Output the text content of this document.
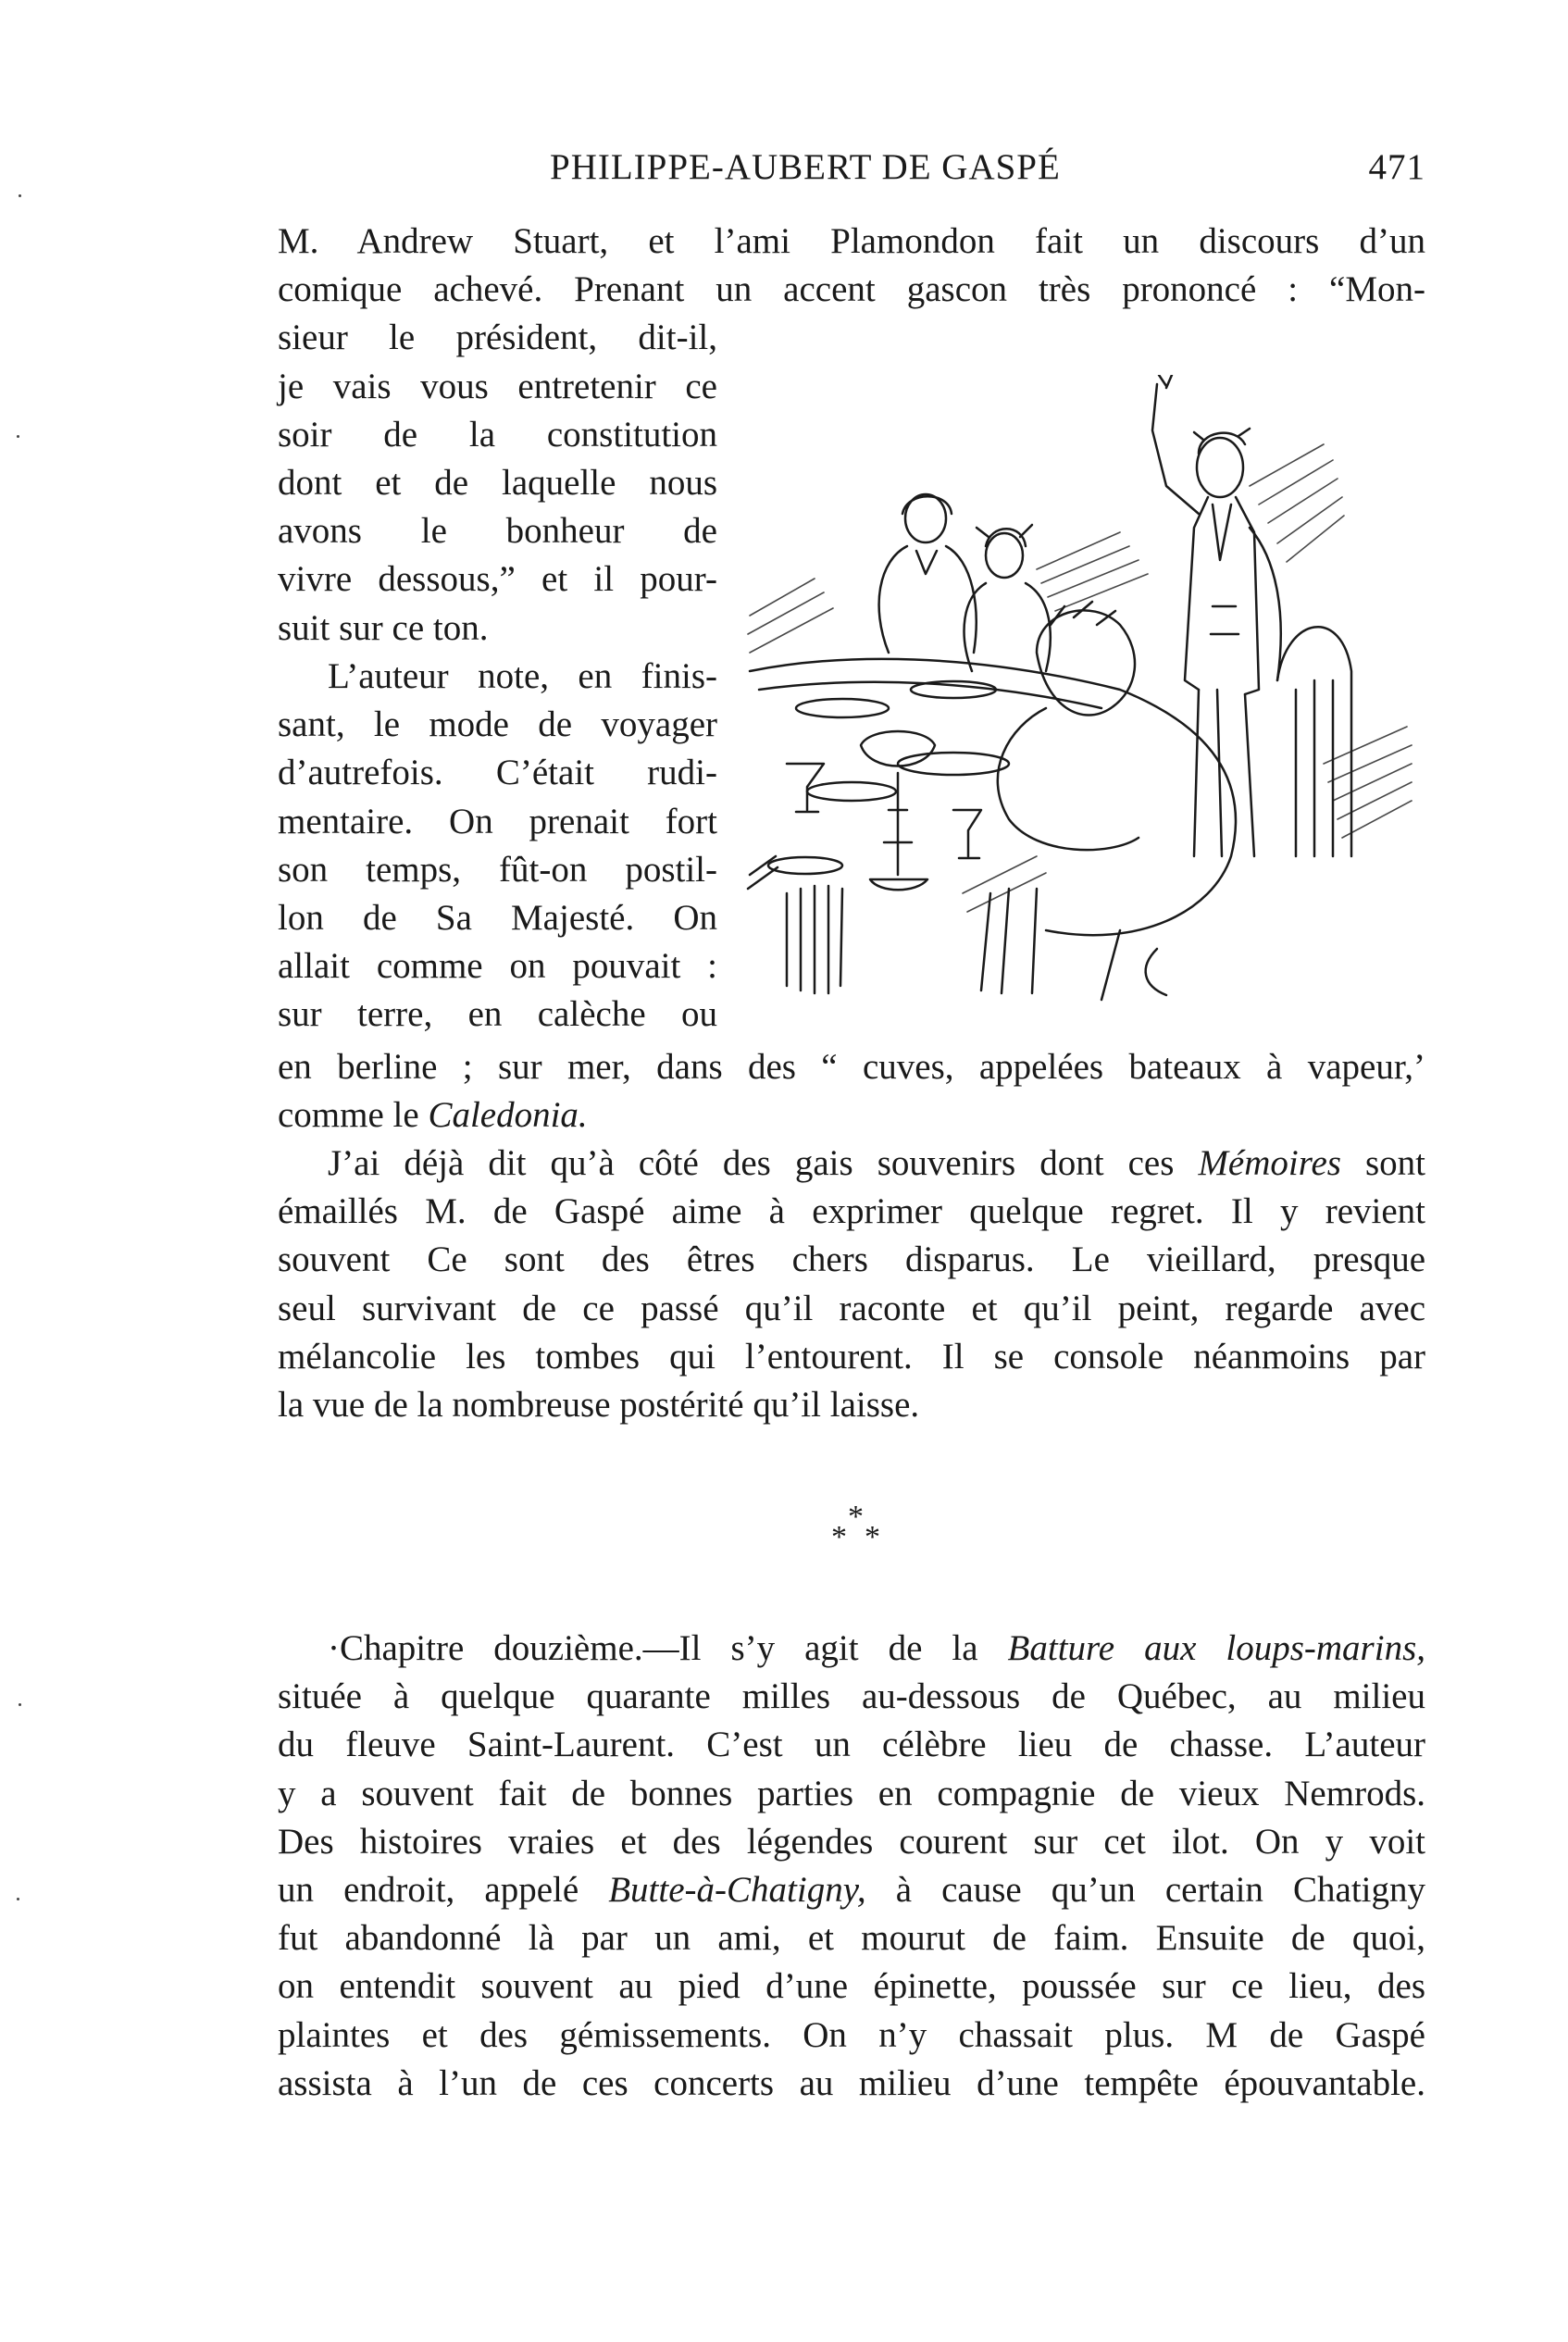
PHILIPPE-AUBERT DE GASPÉ	471
M. Andrew Stuart, et l’ami Plamondon fait un discours d’un
comique achevé. Prenant un accent gascon très prononcé : “Mon-
sieur le président, dit-il,
je vais vous entretenir ce
soir de la constitution
dont et de laquelle nous
avons le bonheur de
vivre dessous,” et il pour-
suit sur ce ton.
L’auteur note, en finis-
sant, le mode de voyager
d’autrefois. C’était rudi-
mentaire. On prenait fort
son temps, fût-on postil-
lon de Sa Majesté. On
allait comme on pouvait :
sur terre, en calèche ou
en berline ; sur mer, dans des “ cuves, appelées bateaux à vapeur,’
comme le Caledonia.
J’ai déjà dit qu’à côté des gais souvenirs dont ces Mémoires sont
émaillés M. de Gaspé aime à exprimer quelque regret. Il y revient
souvent Ce sont des êtres chers disparus. Le vieillard, presque
seul survivant de ce passé qu’il raconte et qu’il peint, regarde avec
mélancolie les tombes qui l’entourent. Il se console néanmoins par
la vue de la nombreuse postérité qu’il laisse.
*
* *
·Chapitre douzième.—Il s’y agit de la Batture aux loups-marins,
située à quelque quarante milles au-dessous de Québec, au milieu
du fleuve Saint-Laurent. C’est un célèbre lieu de chasse. L’auteur
y a souvent fait de bonnes parties en compagnie de vieux Nemrods.
Des histoires vraies et des légendes courent sur cet ilot. On y voit
un endroit, appelé Butte-à-Chatigny, à cause qu’un certain Chatigny
fut abandonné là par un ami, et mourut de faim. Ensuite de quoi,
on entendit souvent au pied d’une épinette, poussée sur ce lieu, des
plaintes et des gémissements. On n’y chassait plus. M de Gaspé
assista à l’un de ces concerts au milieu d’une tempête épouvantable.
